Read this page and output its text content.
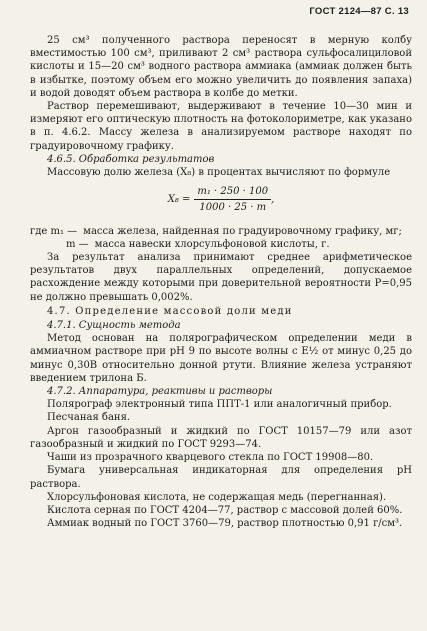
ГОСТ 2124—87 С. 13

25 см³ полученного раствора переносят в мерную колбу вместимостью 100 см³, приливают 2 см³ раствора сульфосалициловой кислоты и 15—20 см³ водного раствора аммиака (аммиак должен быть в избытке, поэтому объем его можно увеличить до появления запаха) и водой доводят объем раствора в колбе до метки.

Раствор перемешивают, выдерживают в течение 10—30 мин и измеряют его оптическую плотность на фотоколориметре, как указано в п. 4.6.2. Массу железа в анализируемом растворе находят по градуировочному графику.

4.6.5. Обработка результатов

Массовую долю железа (X₈) в процентах вычисляют по формуле

$X_8 = \frac{\text{m₁ · 250 · 100}}{1000 \cdot 25 \cdot m}$ ,
где m₁ — масса железа, найденная по градуировочному графику, мг;
m — масса навески хлорсульфоновой кислоты, г.

За результат анализа принимают среднее арифметическое результатов двух параллельных определений, допускаемое расхождение между которыми при доверительной вероятности P=0,95 не должно превышать 0,002%.

4.7. Определение массовой доли меди

4.7.1. Сущность метода

Метод основан на полярографическом определении меди в аммиачном растворе при pH 9 по высоте волны с E½ от минус 0,25 до минус 0,30В относительно донной ртути. Влияние железа устраняют введением трилона Б.

4.7.2. Аппаратура, реактивы и растворы

Полярограф электронный типа ППТ-1 или аналогичный прибор.

Песчаная баня.

Аргон газообразный и жидкий по ГОСТ 10157—79 или азот газообразный и жидкий по ГОСТ 9293—74.

Чаши из прозрачного кварцевого стекла по ГОСТ 19908—80.

Бумага универсальная индикаторная для определения pH раствора.

Хлорсульфоновая кислота, не содержащая медь (перегнанная).

Кислота серная по ГОСТ 4204—77, раствор с массовой долей 60%.

Аммиак водный по ГОСТ 3760—79, раствор плотностью 0,91 г/см³.
